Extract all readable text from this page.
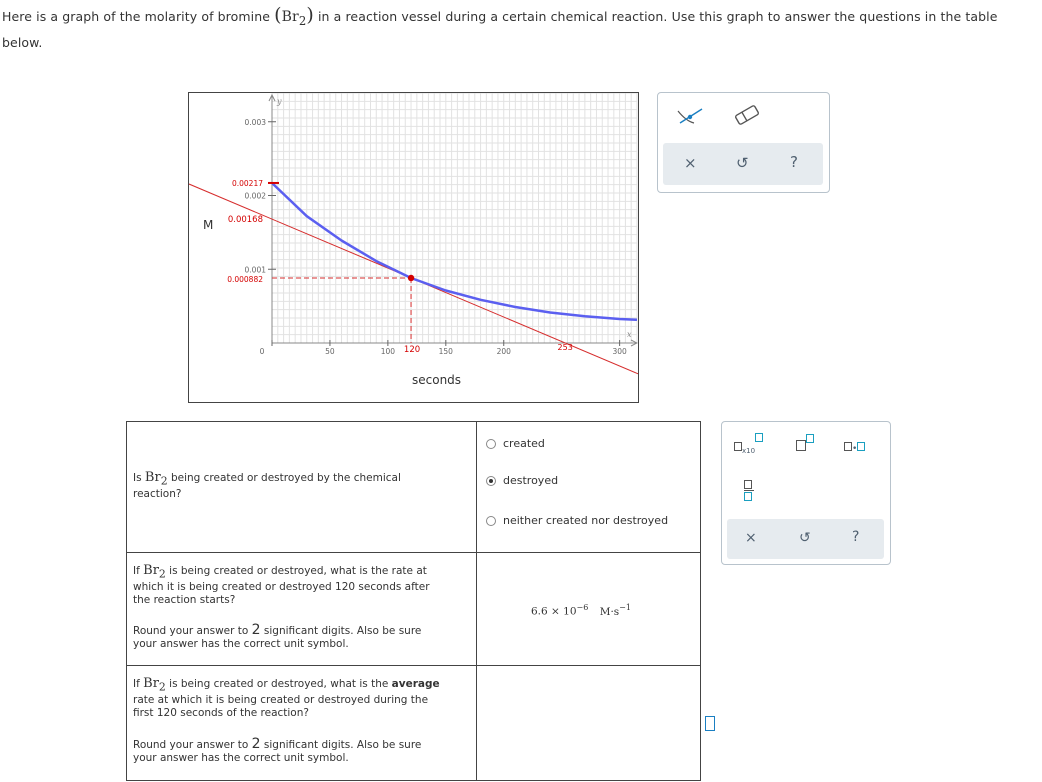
Here is a graph of the molarity of bromine $(Br_2)$ in a reaction vessel during a certain chemical reaction. Use this graph to answer the questions in the table
below.
y
x
0.003
0.002
0.001
0	50	100	150	200	300
0.00217
0.00168
0.000882
120	253
M
seconds
×	↺	?
Is $Br_2$ being created or destroyed by the chemical
reaction?
created
destroyed
neither created nor destroyed
If $Br_2$ is being created or destroyed, what is the rate at
which it is being created or destroyed 120 seconds after
the reaction starts?
Round your answer to 2 significant digits. Also be sure
your answer has the correct unit symbol.
$6.6 \times 10^{-6}$ $M\cdot s^{-1}$
If $Br_2$ is being created or destroyed, what is the average
rate at which it is being created or destroyed during the
first 120 seconds of the reaction?
Round your answer to 2 significant digits. Also be sure
your answer has the correct unit symbol.
x10	•

×	↺	?
